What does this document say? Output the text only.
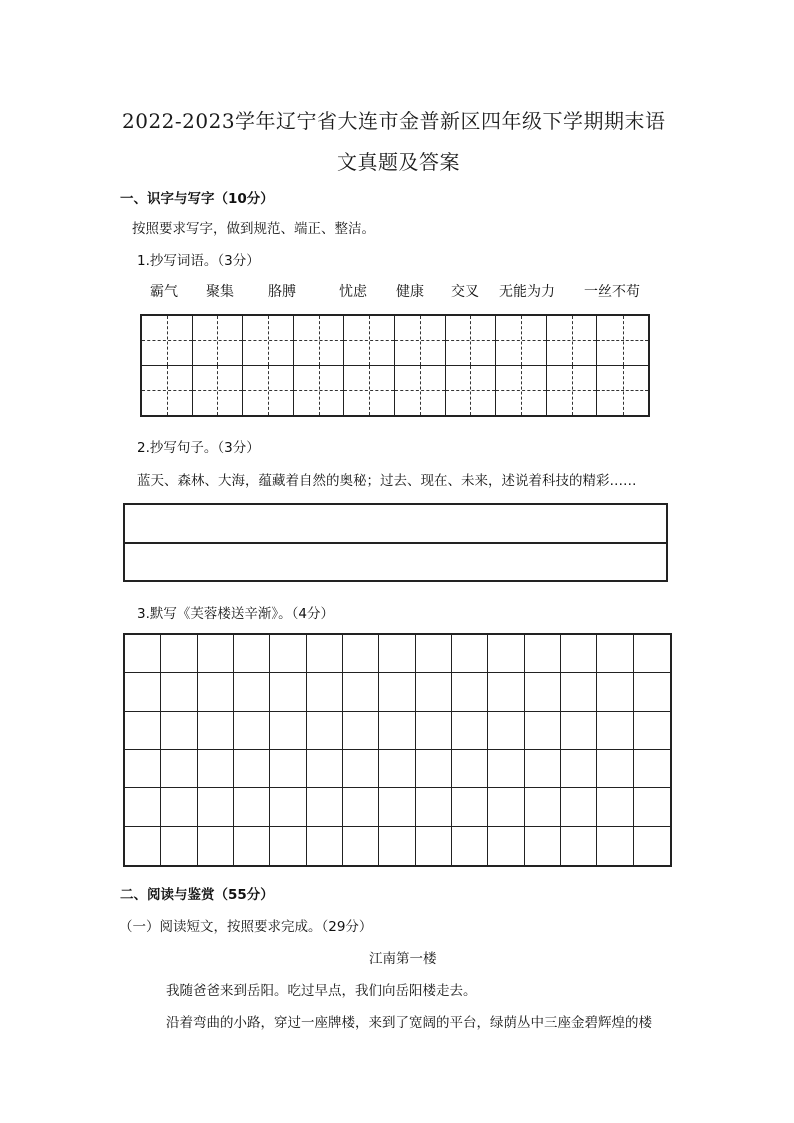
2022-2023学年辽宁省大连市金普新区四年级下学期期末语
文真题及答案
一、识字与写字（10分）
按照要求写字，做到规范、端正、整洁。
1.抄写词语。（3分）
霸气 聚集 胳膊	忧虑 健康 交叉 无能为力 一丝不苟
2.抄写句子。（3分）
蓝天、森林、大海，蕴藏着自然的奥秘；过去、现在、未来，述说着科技的精彩……
3.默写《芙蓉楼送辛渐》。（4分）
二、阅读与鉴赏（55分）
（一）阅读短文，按照要求完成。（29分）
江南第一楼
我随爸爸来到岳阳。吃过早点，我们向岳阳楼走去。
沿着弯曲的小路，穿过一座牌楼，来到了宽阔的平台，绿荫丛中三座金碧辉煌的楼
